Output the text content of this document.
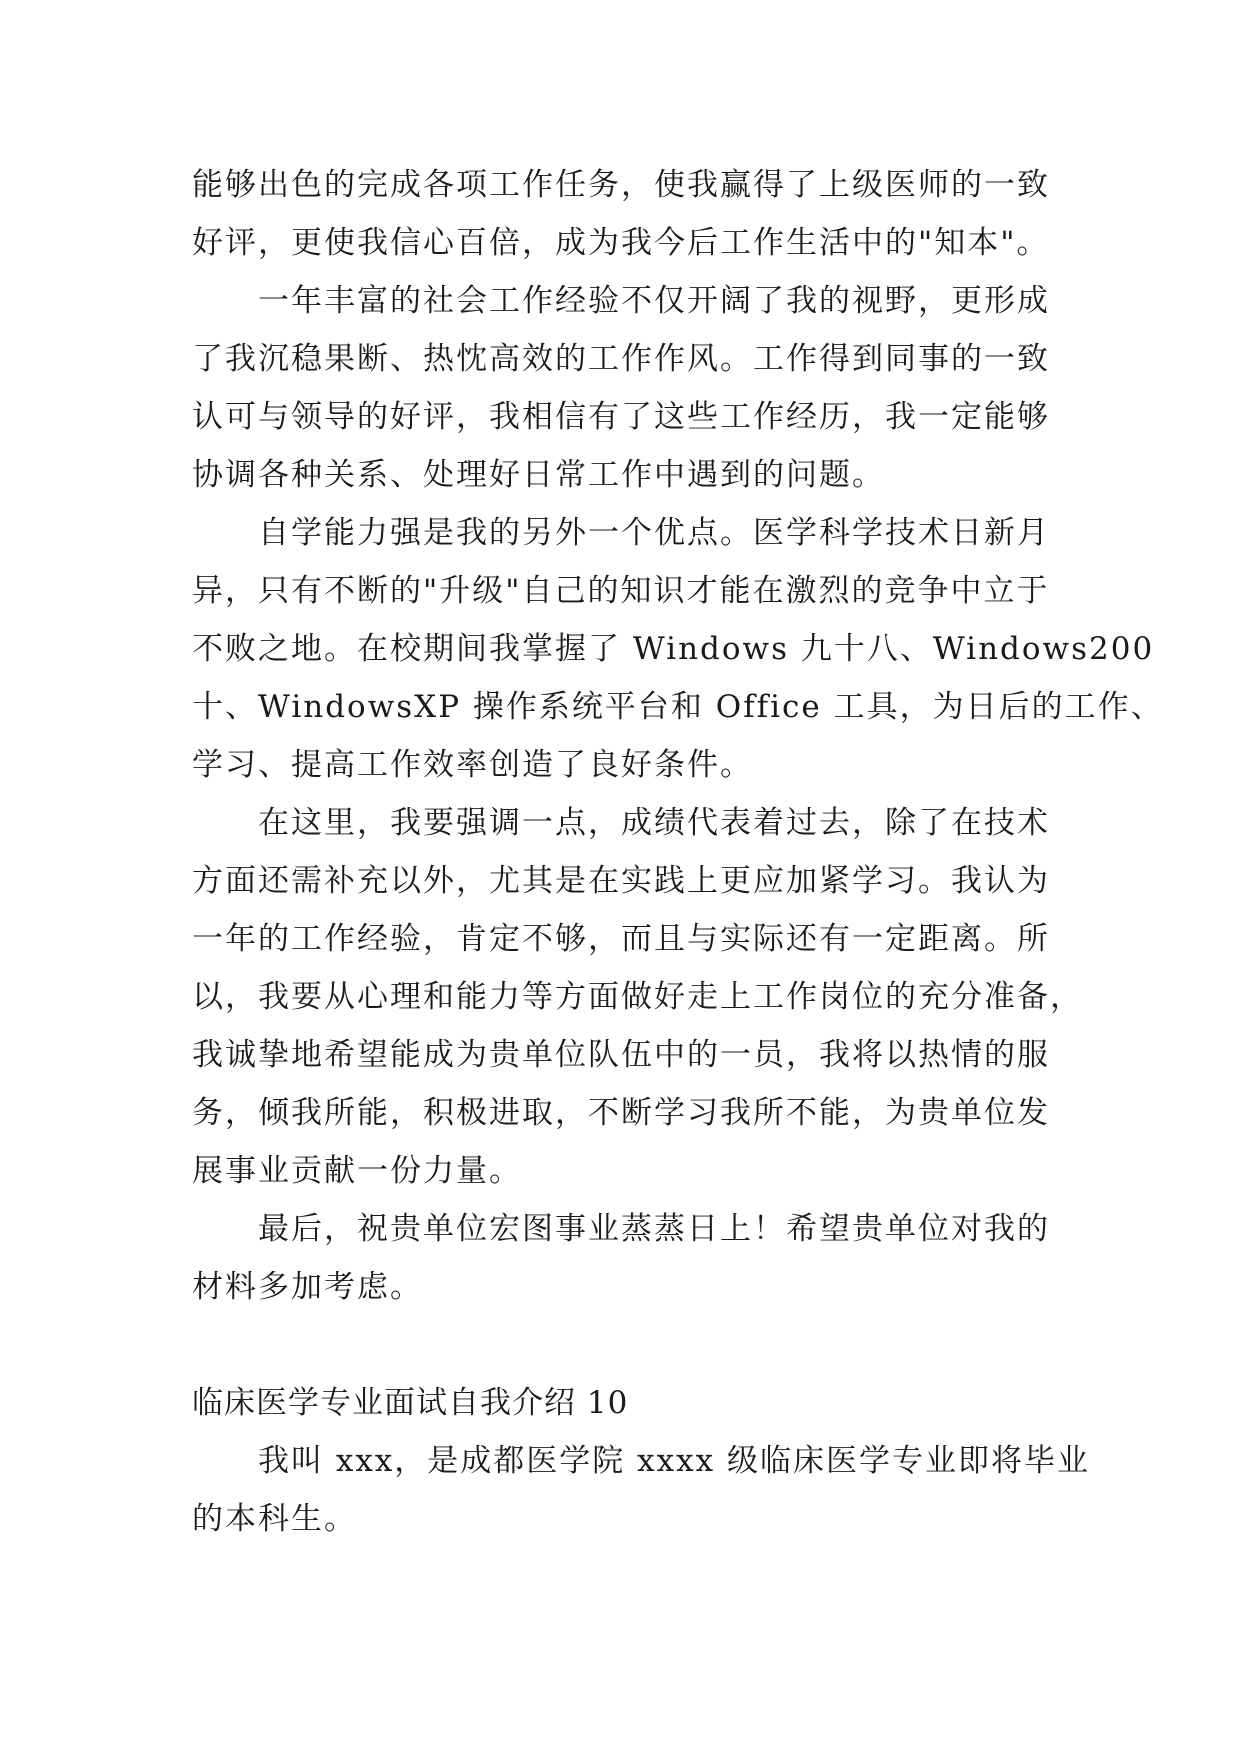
能够出色的完成各项工作任务，使我赢得了上级医师的一致
好评，更使我信心百倍，成为我今后工作生活中的"知本"。
一年丰富的社会工作经验不仅开阔了我的视野，更形成
了我沉稳果断、热忱高效的工作作风。工作得到同事的一致
认可与领导的好评，我相信有了这些工作经历，我一定能够
协调各种关系、处理好日常工作中遇到的问题。
自学能力强是我的另外一个优点。医学科学技术日新月
异，只有不断的"升级"自己的知识才能在激烈的竞争中立于
不败之地。在校期间我掌握了 Windows 九十八、Windows200
十、WindowsXP 操作系统平台和 Office 工具，为日后的工作、
学习、提高工作效率创造了良好条件。
在这里，我要强调一点，成绩代表着过去，除了在技术
方面还需补充以外，尤其是在实践上更应加紧学习。我认为
一年的工作经验，肯定不够，而且与实际还有一定距离。所
以，我要从心理和能力等方面做好走上工作岗位的充分准备，
我诚挚地希望能成为贵单位队伍中的一员，我将以热情的服
务，倾我所能，积极进取，不断学习我所不能，为贵单位发
展事业贡献一份力量。
最后，祝贵单位宏图事业蒸蒸日上！希望贵单位对我的
材料多加考虑。
临床医学专业面试自我介绍 10
我叫 xxx，是成都医学院 xxxx 级临床医学专业即将毕业
的本科生。
